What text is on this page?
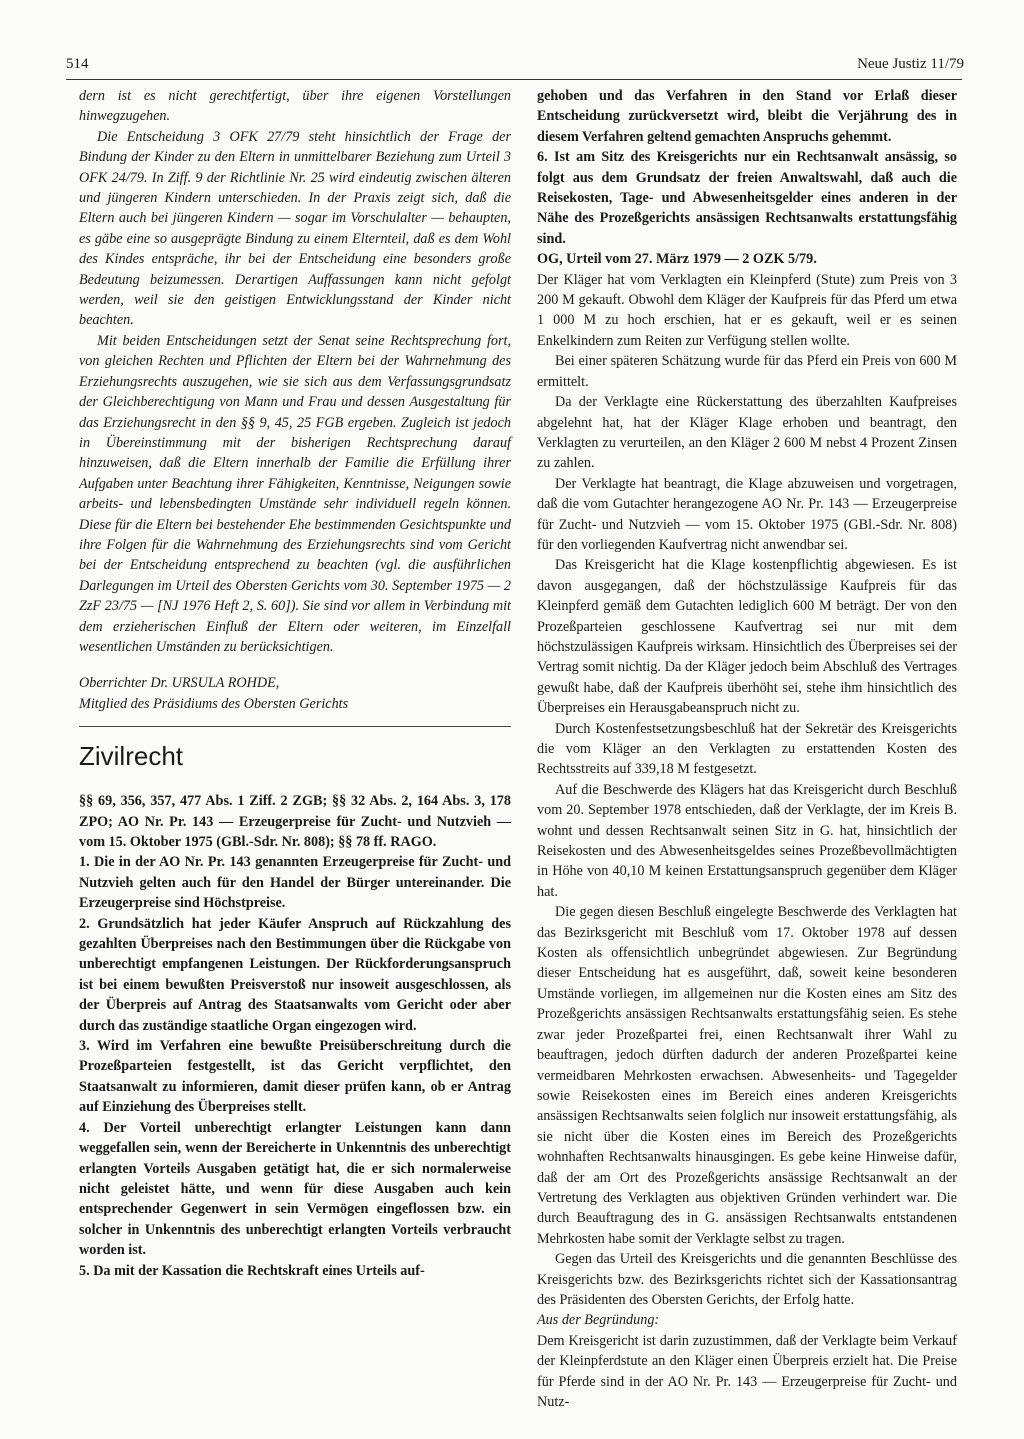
514	Neue Justiz 11/79

dern ist es nicht gerechtfertigt, über ihre eigenen Vorstellungen hinwegzugehen.

Die Entscheidung 3 OFK 27/79 steht hinsichtlich der Frage der Bindung der Kinder zu den Eltern in unmittelbarer Beziehung zum Urteil 3 OFK 24/79. In Ziff. 9 der Richtlinie Nr. 25 wird eindeutig zwischen älteren und jüngeren Kindern unterschieden. In der Praxis zeigt sich, daß die Eltern auch bei jüngeren Kindern — sogar im Vorschulalter — behaupten, es gäbe eine so ausgeprägte Bindung zu einem Elternteil, daß es dem Wohl des Kindes entspräche, ihr bei der Entscheidung eine besonders große Bedeutung beizumessen. Derartigen Auffassungen kann nicht gefolgt werden, weil sie den geistigen Entwicklungsstand der Kinder nicht beachten.

Mit beiden Entscheidungen setzt der Senat seine Rechtsprechung fort, von gleichen Rechten und Pflichten der Eltern bei der Wahrnehmung des Erziehungsrechts auszugehen, wie sie sich aus dem Verfassungsgrundsatz der Gleichberechtigung von Mann und Frau und dessen Ausgestaltung für das Erziehungsrecht in den §§ 9, 45, 25 FGB ergeben. Zugleich ist jedoch in Übereinstimmung mit der bisherigen Rechtsprechung darauf hinzuweisen, daß die Eltern innerhalb der Familie die Erfüllung ihrer Aufgaben unter Beachtung ihrer Fähigkeiten, Kenntnisse, Neigungen sowie arbeits- und lebensbedingten Umstände sehr individuell regeln können. Diese für die Eltern bei bestehender Ehe bestimmenden Gesichtspunkte und ihre Folgen für die Wahrnehmung des Erziehungsrechts sind vom Gericht bei der Entscheidung entsprechend zu beachten (vgl. die ausführlichen Darlegungen im Urteil des Obersten Gerichts vom 30. September 1975 — 2 ZzF 23/75 — [NJ 1976 Heft 2, S. 60]). Sie sind vor allem in Verbindung mit dem erzieherischen Einfluß der Eltern oder weiteren, im Einzelfall wesentlichen Umständen zu berücksichtigen.

Oberrichter Dr. URSULA ROHDE,

Mitglied des Präsidiums des Obersten Gerichts

Zivilrecht

§§ 69, 356, 357, 477 Abs. 1 Ziff. 2 ZGB; §§ 32 Abs. 2, 164 Abs. 3, 178 ZPO; AO Nr. Pr. 143 — Erzeugerpreise für Zucht- und Nutzvieh — vom 15. Oktober 1975 (GBl.-Sdr. Nr. 808); §§ 78 ff. RAGO.

1. Die in der AO Nr. Pr. 143 genannten Erzeugerpreise für Zucht- und Nutzvieh gelten auch für den Handel der Bürger untereinander. Die Erzeugerpreise sind Höchstpreise.

2. Grundsätzlich hat jeder Käufer Anspruch auf Rückzahlung des gezahlten Überpreises nach den Bestimmungen über die Rückgabe von unberechtigt empfangenen Leistungen. Der Rückforderungsanspruch ist bei einem bewußten Preisverstoß nur insoweit ausgeschlossen, als der Überpreis auf Antrag des Staatsanwalts vom Gericht oder aber durch das zuständige staatliche Organ eingezogen wird.

3. Wird im Verfahren eine bewußte Preisüberschreitung durch die Prozeßparteien festgestellt, ist das Gericht verpflichtet, den Staatsanwalt zu informieren, damit dieser prüfen kann, ob er Antrag auf Einziehung des Überpreises stellt.

4. Der Vorteil unberechtigt erlangter Leistungen kann dann weggefallen sein, wenn der Bereicherte in Unkenntnis des unberechtigt erlangten Vorteils Ausgaben getätigt hat, die er sich normalerweise nicht geleistet hätte, und wenn für diese Ausgaben auch kein entsprechender Gegenwert in sein Vermögen eingeflossen bzw. ein solcher in Unkenntnis des unberechtigt erlangten Vorteils verbraucht worden ist.

5. Da mit der Kassation die Rechtskraft eines Urteils auf-

gehoben und das Verfahren in den Stand vor Erlaß dieser Entscheidung zurückversetzt wird, bleibt die Verjährung des in diesem Verfahren geltend gemachten Anspruchs gehemmt.

6. Ist am Sitz des Kreisgerichts nur ein Rechtsanwalt ansässig, so folgt aus dem Grundsatz der freien Anwaltswahl, daß auch die Reisekosten, Tage- und Abwesenheitsgelder eines anderen in der Nähe des Prozeßgerichts ansässigen Rechtsanwalts erstattungsfähig sind.

OG, Urteil vom 27. März 1979 — 2 OZK 5/79.

Der Kläger hat vom Verklagten ein Kleinpferd (Stute) zum Preis von 3 200 M gekauft. Obwohl dem Kläger der Kaufpreis für das Pferd um etwa 1 000 M zu hoch erschien, hat er es gekauft, weil er es seinen Enkelkindern zum Reiten zur Verfügung stellen wollte.

Bei einer späteren Schätzung wurde für das Pferd ein Preis von 600 M ermittelt.

Da der Verklagte eine Rückerstattung des überzahlten Kaufpreises abgelehnt hat, hat der Kläger Klage erhoben und beantragt, den Verklagten zu verurteilen, an den Kläger 2 600 M nebst 4 Prozent Zinsen zu zahlen.

Der Verklagte hat beantragt, die Klage abzuweisen und vorgetragen, daß die vom Gutachter herangezogene AO Nr. Pr. 143 — Erzeugerpreise für Zucht- und Nutzvieh — vom 15. Oktober 1975 (GBl.-Sdr. Nr. 808) für den vorliegenden Kaufvertrag nicht anwendbar sei.

Das Kreisgericht hat die Klage kostenpflichtig abgewiesen. Es ist davon ausgegangen, daß der höchstzulässige Kaufpreis für das Kleinpferd gemäß dem Gutachten lediglich 600 M beträgt. Der von den Prozeßparteien geschlossene Kaufvertrag sei nur mit dem höchstzulässigen Kaufpreis wirksam. Hinsichtlich des Überpreises sei der Vertrag somit nichtig. Da der Kläger jedoch beim Abschluß des Vertrages gewußt habe, daß der Kaufpreis überhöht sei, stehe ihm hinsichtlich des Überpreises ein Herausgabeanspruch nicht zu.

Durch Kostenfestsetzungsbeschluß hat der Sekretär des Kreisgerichts die vom Kläger an den Verklagten zu erstattenden Kosten des Rechtsstreits auf 339,18 M festgesetzt.

Auf die Beschwerde des Klägers hat das Kreisgericht durch Beschluß vom 20. September 1978 entschieden, daß der Verklagte, der im Kreis B. wohnt und dessen Rechtsanwalt seinen Sitz in G. hat, hinsichtlich der Reisekosten und des Abwesenheitsgeldes seines Prozeßbevollmächtigten in Höhe von 40,10 M keinen Erstattungsanspruch gegenüber dem Kläger hat.

Die gegen diesen Beschluß eingelegte Beschwerde des Verklagten hat das Bezirksgericht mit Beschluß vom 17. Oktober 1978 auf dessen Kosten als offensichtlich unbegründet abgewiesen. Zur Begründung dieser Entscheidung hat es ausgeführt, daß, soweit keine besonderen Umstände vorliegen, im allgemeinen nur die Kosten eines am Sitz des Prozeßgerichts ansässigen Rechtsanwalts erstattungsfähig seien. Es stehe zwar jeder Prozeßpartei frei, einen Rechtsanwalt ihrer Wahl zu beauftragen, jedoch dürften dadurch der anderen Prozeßpartei keine vermeidbaren Mehrkosten erwachsen. Abwesenheits- und Tagegelder sowie Reisekosten eines im Bereich eines anderen Kreisgerichts ansässigen Rechtsanwalts seien folglich nur insoweit erstattungsfähig, als sie nicht über die Kosten eines im Bereich des Prozeßgerichts wohnhaften Rechtsanwalts hinausgingen. Es gebe keine Hinweise dafür, daß der am Ort des Prozeßgerichts ansässige Rechtsanwalt an der Vertretung des Verklagten aus objektiven Gründen verhindert war. Die durch Beauftragung des in G. ansässigen Rechtsanwalts entstandenen Mehrkosten habe somit der Verklagte selbst zu tragen.

Gegen das Urteil des Kreisgerichts und die genannten Beschlüsse des Kreisgerichts bzw. des Bezirksgerichts richtet sich der Kassationsantrag des Präsidenten des Obersten Gerichts, der Erfolg hatte.

Aus der Begründung:

Dem Kreisgericht ist darin zuzustimmen, daß der Verklagte beim Verkauf der Kleinpferdstute an den Kläger einen Überpreis erzielt hat. Die Preise für Pferde sind in der AO Nr. Pr. 143 — Erzeugerpreise für Zucht- und Nutz-
